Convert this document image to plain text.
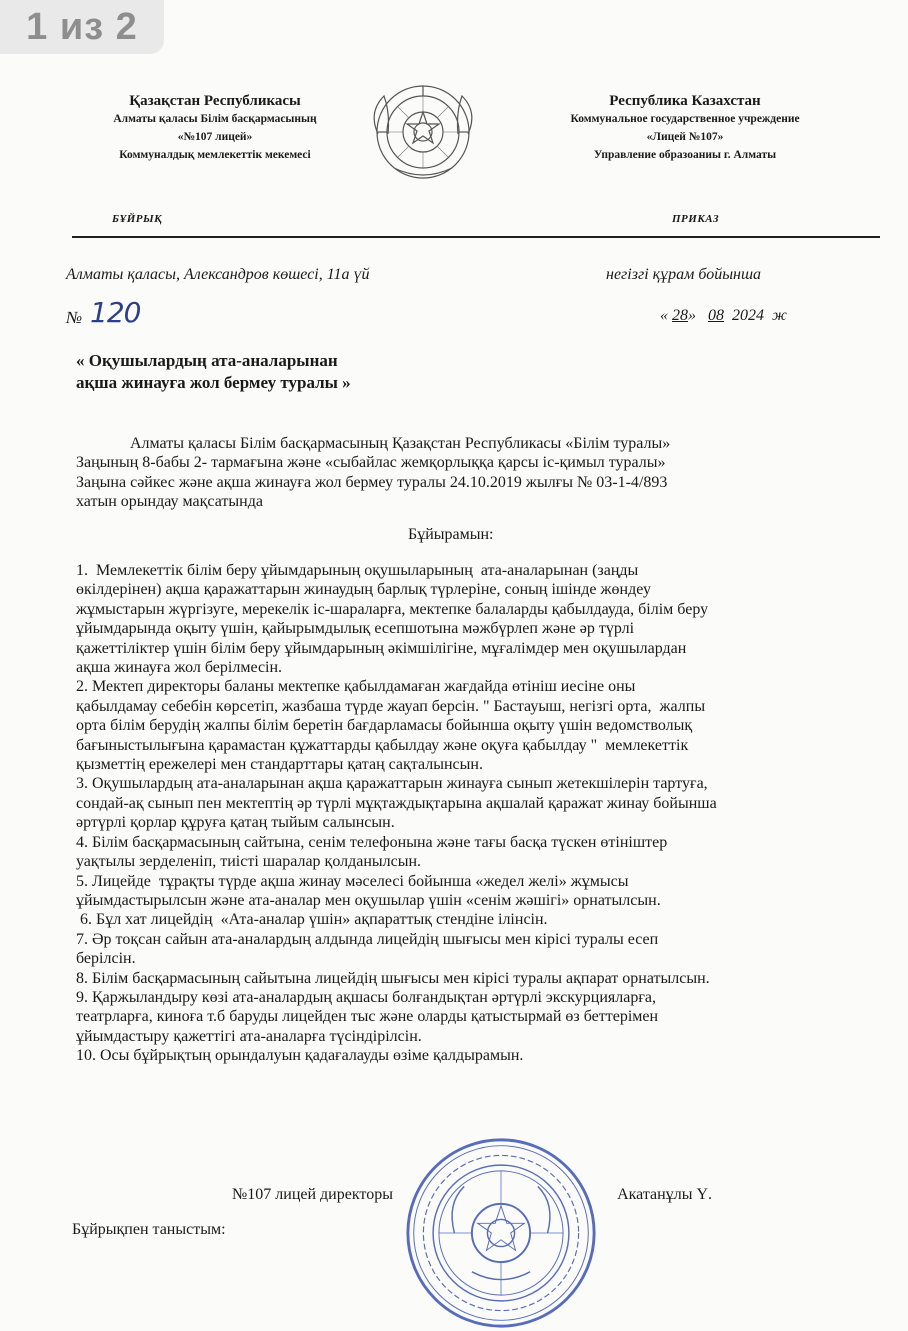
1 из 2
Қазақстан Республикасы
Алматы қаласы Білім басқармасының
«№107 лицей»
Коммуналдық мемлекеттік мекемесі
Республика Казахстан
Коммунальное государственное учреждение
«Лицей №107»
Управление образоаниы г. Алматы
БҰЙРЫҚ	ПРИКАЗ
Алматы қаласы, Александров көшесі, 11а үй	негізгі құрам бойынша
№ 120	« 28» 08 2024 ж
« Оқушылардың ата-аналарынан
ақша жинауға жол бермеу туралы »
Алматы қаласы Білім басқармасының Қазақстан Республикасы «Білім туралы»
Заңының 8-бабы 2- тармағына және «сыбайлас жемқорлыққа қарсы іс-қимыл туралы»
Заңына сәйкес және ақша жинауға жол бермеу туралы 24.10.2019 жылғы № 03-1-4/893
хатын орындау мақсатында
Бұйырамын:
1.  Мемлекеттік білім беру ұйымдарының оқушыларының  ата-аналарынан (заңды
өкілдерінен) ақша қаражаттарын жинаудың барлық түрлеріне, соның ішінде жөндеу
жұмыстарын жүргізуге, мерекелік іс-шараларға, мектепке балаларды қабылдауда, білім беру
ұйымдарында оқыту үшін, қайырымдылық есепшотына мәжбүрлеп және әр түрлі
қажеттіліктер үшін білім беру ұйымдарының әкімшілігіне, мұғалімдер мен оқушылардан
ақша жинауға жол берілмесін.
2. Мектеп директоры баланы мектепке қабылдамаған жағдайда өтініш иесіне оны
қабылдамау себебін көрсетіп, жазбаша түрде жауап берсін. " Бастауыш, негізгі орта,  жалпы
орта білім берудің жалпы білім беретін бағдарламасы бойынша оқыту үшін ведомстволық
бағыныстылығына қарамастан құжаттарды қабылдау және оқуға қабылдау "  мемлекеттік
қызметтің ережелері мен стандарттары қатаң сақталынсын.
3. Оқушылардың ата-аналарынан ақша қаражаттарын жинауға сынып жетекшілерін тартуға,
сондай-ақ сынып пен мектептің әр түрлі мұқтаждықтарына ақшалай қаражат жинау бойынша
әртүрлі қорлар құруға қатаң тыйым салынсын.
4. Білім басқармасының сайтына, сенім телефонына және тағы басқа түскен өтініштер
уақтылы зерделеніп, тиісті шаралар қолданылсын.
5. Лицейде  тұрақты түрде ақша жинау мәселесі бойынша «жедел желі» жұмысы
ұйымдастырылсын және ата-аналар мен оқушылар үшін «сенім жәшігі» орнатылсын.
6. Бұл хат лицейдің  «Ата-аналар үшін» ақпараттық стендіне ілінсін.
7. Әр тоқсан сайын ата-аналардың алдында лицейдің шығысы мен кірісі туралы есеп
берілсін.
8. Білім басқармасының сайытына лицейдің шығысы мен кірісі туралы ақпарат орнатылсын.
9. Қаржыландыру көзі ата-аналардың ақшасы болғандықтан әртүрлі экскурцияларға,
театрларға, киноға т.б баруды лицейден тыс және оларды қатыстырмай өз беттерімен
ұйымдастыру қажеттігі ата-аналарға түсіндірілсін.
10. Осы бұйрықтың орындалуын қадағалауды өзіме қалдырамын.
№107 лицей директоры	Акатанұлы Ү.
Бұйрықпен таныстым:
